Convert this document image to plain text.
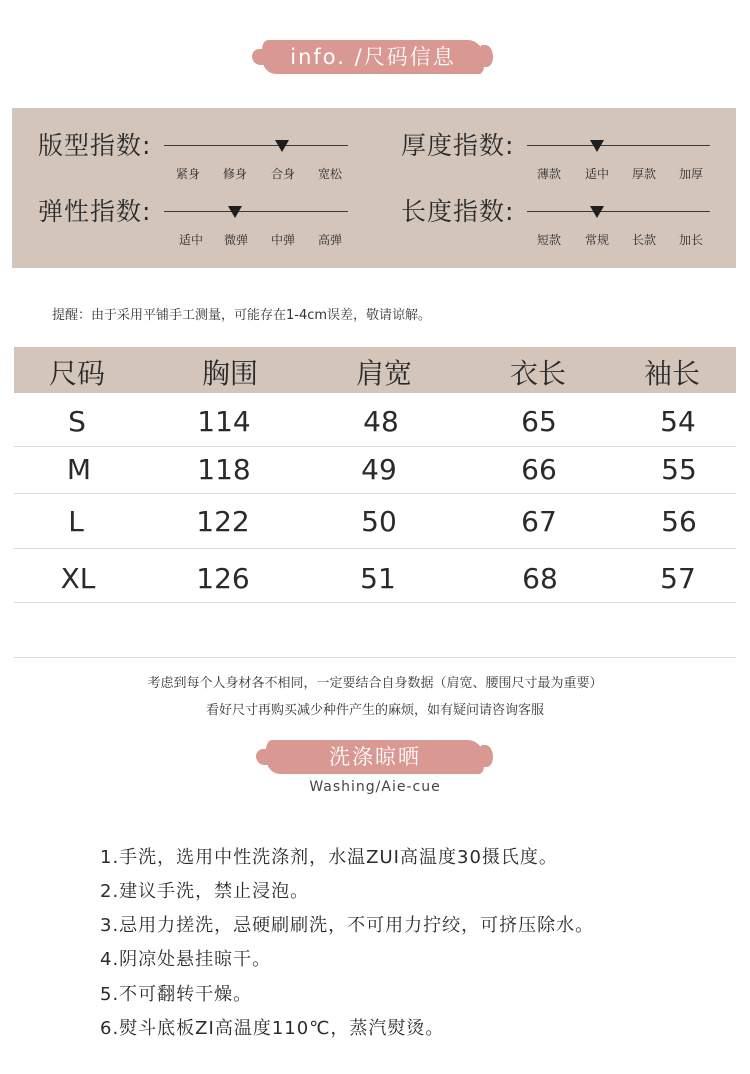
info. /尺码信息
版型指数:
紧身	修身	合身	宽松
厚度指数:
薄款	适中	厚款	加厚
弹性指数:
适中	微弹	中弹	高弹
长度指数:
短款	常规	长款	加长
提醒：由于采用平铺手工测量，可能存在1-4cm误差，敬请谅解。
尺码	胸围	肩宽	衣长	袖长
S	114	48	65	54
M	118	49	66	55
L	122	50	67	56
XL	126	51	68	57
考虑到每个人身材各不相同，一定要结合自身数据（肩宽、腰围尺寸最为重要）
看好尺寸再购买减少种件产生的麻烦，如有疑问请咨询客服
洗涤晾晒
Washing/Aie-cue
1.手洗，选用中性洗涤剂，水温ZUI高温度30摄氏度。
2.建议手洗，禁止浸泡。
3.忌用力搓洗，忌硬刷刷洗，不可用力拧绞，可挤压除水。
4.阴凉处悬挂晾干。
5.不可翻转干燥。
6.熨斗底板ZI高温度110℃，蒸汽熨烫。
